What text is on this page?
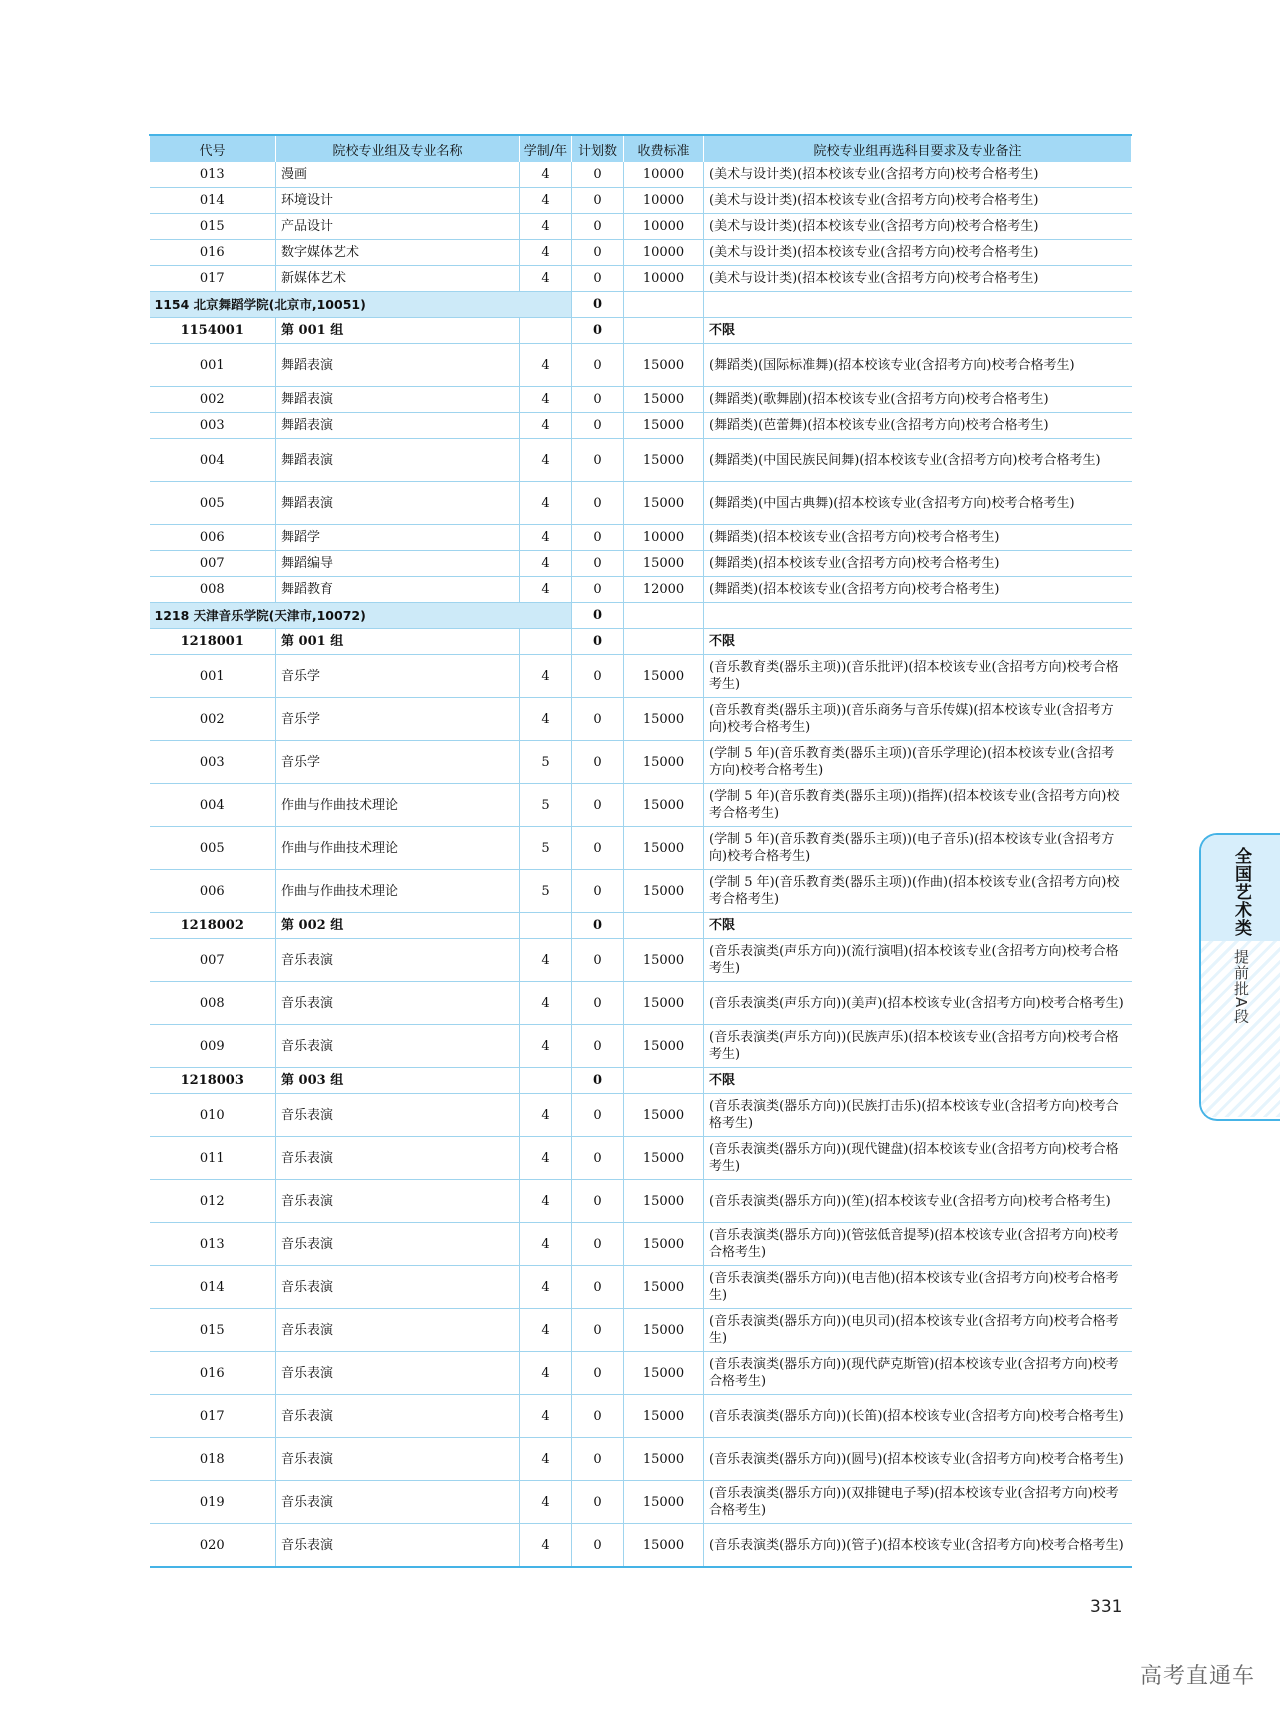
代号	院校专业组及专业名称	学制/年	计划数	收费标准	院校专业组再选科目要求及专业备注
013	漫画	4	0	10000	(美术与设计类)(招本校该专业(含招考方向)校考合格考生)
014	环境设计	4	0	10000	(美术与设计类)(招本校该专业(含招考方向)校考合格考生)
015	产品设计	4	0	10000	(美术与设计类)(招本校该专业(含招考方向)校考合格考生)
016	数字媒体艺术	4	0	10000	(美术与设计类)(招本校该专业(含招考方向)校考合格考生)
017	新媒体艺术	4	0	10000	(美术与设计类)(招本校该专业(含招考方向)校考合格考生)
1154 北京舞蹈学院(北京市,10051)			0		
1154001	第 001 组		0		不限
001	舞蹈表演	4	0	15000	(舞蹈类)(国际标准舞)(招本校该专业(含招考方向)校考合格考生)
002	舞蹈表演	4	0	15000	(舞蹈类)(歌舞剧)(招本校该专业(含招考方向)校考合格考生)
003	舞蹈表演	4	0	15000	(舞蹈类)(芭蕾舞)(招本校该专业(含招考方向)校考合格考生)
004	舞蹈表演	4	0	15000	(舞蹈类)(中国民族民间舞)(招本校该专业(含招考方向)校考合格考生)
005	舞蹈表演	4	0	15000	(舞蹈类)(中国古典舞)(招本校该专业(含招考方向)校考合格考生)
006	舞蹈学	4	0	10000	(舞蹈类)(招本校该专业(含招考方向)校考合格考生)
007	舞蹈编导	4	0	15000	(舞蹈类)(招本校该专业(含招考方向)校考合格考生)
008	舞蹈教育	4	0	12000	(舞蹈类)(招本校该专业(含招考方向)校考合格考生)
1218 天津音乐学院(天津市,10072)			0		
1218001	第 001 组		0		不限
001	音乐学	4	0	15000	(音乐教育类(器乐主项))(音乐批评)(招本校该专业(含招考方向)校考合格考生)
002	音乐学	4	0	15000	(音乐教育类(器乐主项))(音乐商务与音乐传媒)(招本校该专业(含招考方向)校考合格考生)
003	音乐学	5	0	15000	(学制 5 年)(音乐教育类(器乐主项))(音乐学理论)(招本校该专业(含招考方向)校考合格考生)
004	作曲与作曲技术理论	5	0	15000	(学制 5 年)(音乐教育类(器乐主项))(指挥)(招本校该专业(含招考方向)校考合格考生)
005	作曲与作曲技术理论	5	0	15000	(学制 5 年)(音乐教育类(器乐主项))(电子音乐)(招本校该专业(含招考方向)校考合格考生)
006	作曲与作曲技术理论	5	0	15000	(学制 5 年)(音乐教育类(器乐主项))(作曲)(招本校该专业(含招考方向)校考合格考生)
1218002	第 002 组		0		不限
007	音乐表演	4	0	15000	(音乐表演类(声乐方向))(流行演唱)(招本校该专业(含招考方向)校考合格考生)
008	音乐表演	4	0	15000	(音乐表演类(声乐方向))(美声)(招本校该专业(含招考方向)校考合格考生)
009	音乐表演	4	0	15000	(音乐表演类(声乐方向))(民族声乐)(招本校该专业(含招考方向)校考合格考生)
1218003	第 003 组		0		不限
010	音乐表演	4	0	15000	(音乐表演类(器乐方向))(民族打击乐)(招本校该专业(含招考方向)校考合格考生)
011	音乐表演	4	0	15000	(音乐表演类(器乐方向))(现代键盘)(招本校该专业(含招考方向)校考合格考生)
012	音乐表演	4	0	15000	(音乐表演类(器乐方向))(笙)(招本校该专业(含招考方向)校考合格考生)
013	音乐表演	4	0	15000	(音乐表演类(器乐方向))(管弦低音提琴)(招本校该专业(含招考方向)校考合格考生)
014	音乐表演	4	0	15000	(音乐表演类(器乐方向))(电吉他)(招本校该专业(含招考方向)校考合格考生)
015	音乐表演	4	0	15000	(音乐表演类(器乐方向))(电贝司)(招本校该专业(含招考方向)校考合格考生)
016	音乐表演	4	0	15000	(音乐表演类(器乐方向))(现代萨克斯管)(招本校该专业(含招考方向)校考合格考生)
017	音乐表演	4	0	15000	(音乐表演类(器乐方向))(长笛)(招本校该专业(含招考方向)校考合格考生)
018	音乐表演	4	0	15000	(音乐表演类(器乐方向))(圆号)(招本校该专业(含招考方向)校考合格考生)
019	音乐表演	4	0	15000	(音乐表演类(器乐方向))(双排键电子琴)(招本校该专业(含招考方向)校考合格考生)
020	音乐表演	4	0	15000	(音乐表演类(器乐方向))(管子)(招本校该专业(含招考方向)校考合格考生)
全国艺术类
提前批A段
331
高考直通车
